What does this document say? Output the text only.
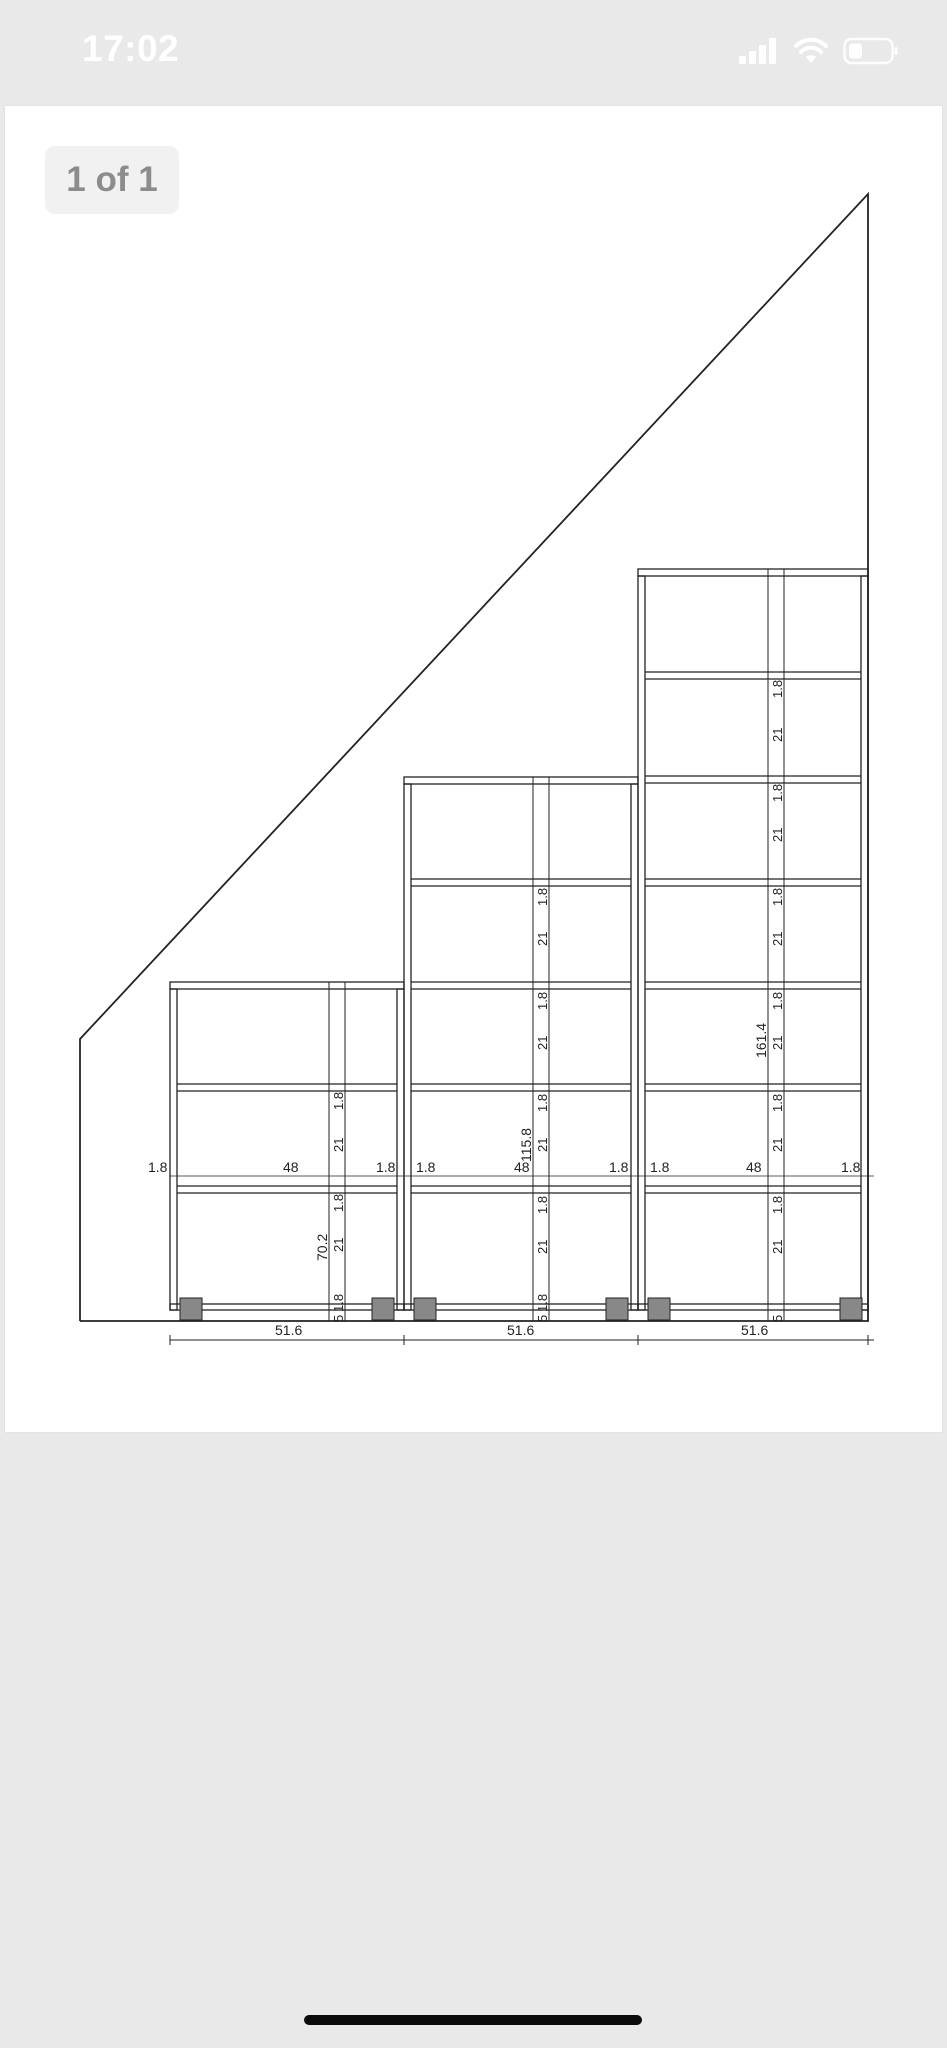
17:02
1 of 1
51.6	51.6	51.6
1.8	48	1.8 1.8	48	1.8 1.8	48	1.8
70.2
115.8
161.4
1.8
21
1.8
21
1.8
5
1.8
21
1.8
21
1.8
21
1.8
21
1.8
5
1.8
21
1.8
21
1.8
21
1.8
21
1.8
21
1.8
21
5
